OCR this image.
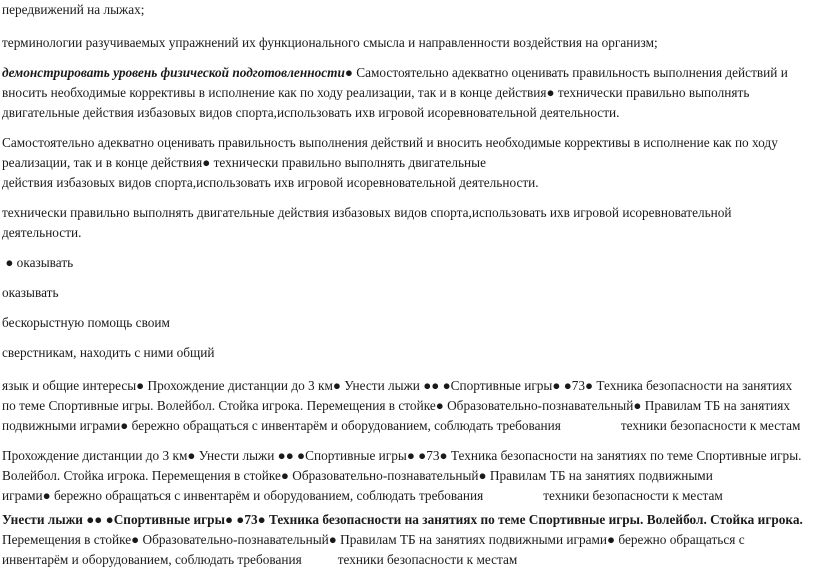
передвижений на лыжах;

терминологии разучиваемых упражнений их функционального смысла и направленности воздействия на организм;

демонстрировать уровень физической подготовленности● Самостоятельно адекватно оценивать правильность выполнения действий и

вносить необходимые коррективы в исполнение как по ходу реализации, так и в конце действия● технически правильно выполнять

двигательные действия избазовых видов спорта,использовать ихв игровой исоревновательной деятельности.

Самостоятельно адекватно оценивать правильность выполнения действий и вносить необходимые коррективы в исполнение как по ходу

реализации, так и в конце действия● технически правильно выполнять двигательные

действия избазовых видов спорта,использовать ихв игровой исоревновательной деятельности.

технически правильно выполнять двигательные действия избазовых видов спорта,использовать ихв игровой исоревновательной

деятельности.

● оказывать

оказывать

бескорыстную помощь своим

сверстникам, находить с ними общий

язык и общие интересы● Прохождение дистанции до 3 км● Унести лыжи ●● ●Спортивные игры● ●73● Техника безопасности на занятиях

по теме Спортивные игры. Волейбол. Стойка игрока. Перемещения в стойке● Образовательно-познавательный● Правилам ТБ на занятиях

подвижными играми● бережно обращаться с инвентарём и оборудованием, соблюдать требования	техники безопасности к местам

Прохождение дистанции до 3 км● Унести лыжи ●● ●Спортивные игры● ●73● Техника безопасности на занятиях по теме Спортивные игры.

Волейбол. Стойка игрока. Перемещения в стойке● Образовательно-познавательный● Правилам ТБ на занятиях подвижными

играми● бережно обращаться с инвентарём и оборудованием, соблюдать требования	техники безопасности к местам

Унести лыжи ●● ●Спортивные игры● ●73● Техника безопасности на занятиях по теме Спортивные игры. Волейбол. Стойка игрока.

Перемещения в стойке● Образовательно-познавательный● Правилам ТБ на занятиях подвижными играми● бережно обращаться с

инвентарём и оборудованием, соблюдать требования	техники безопасности к местам
